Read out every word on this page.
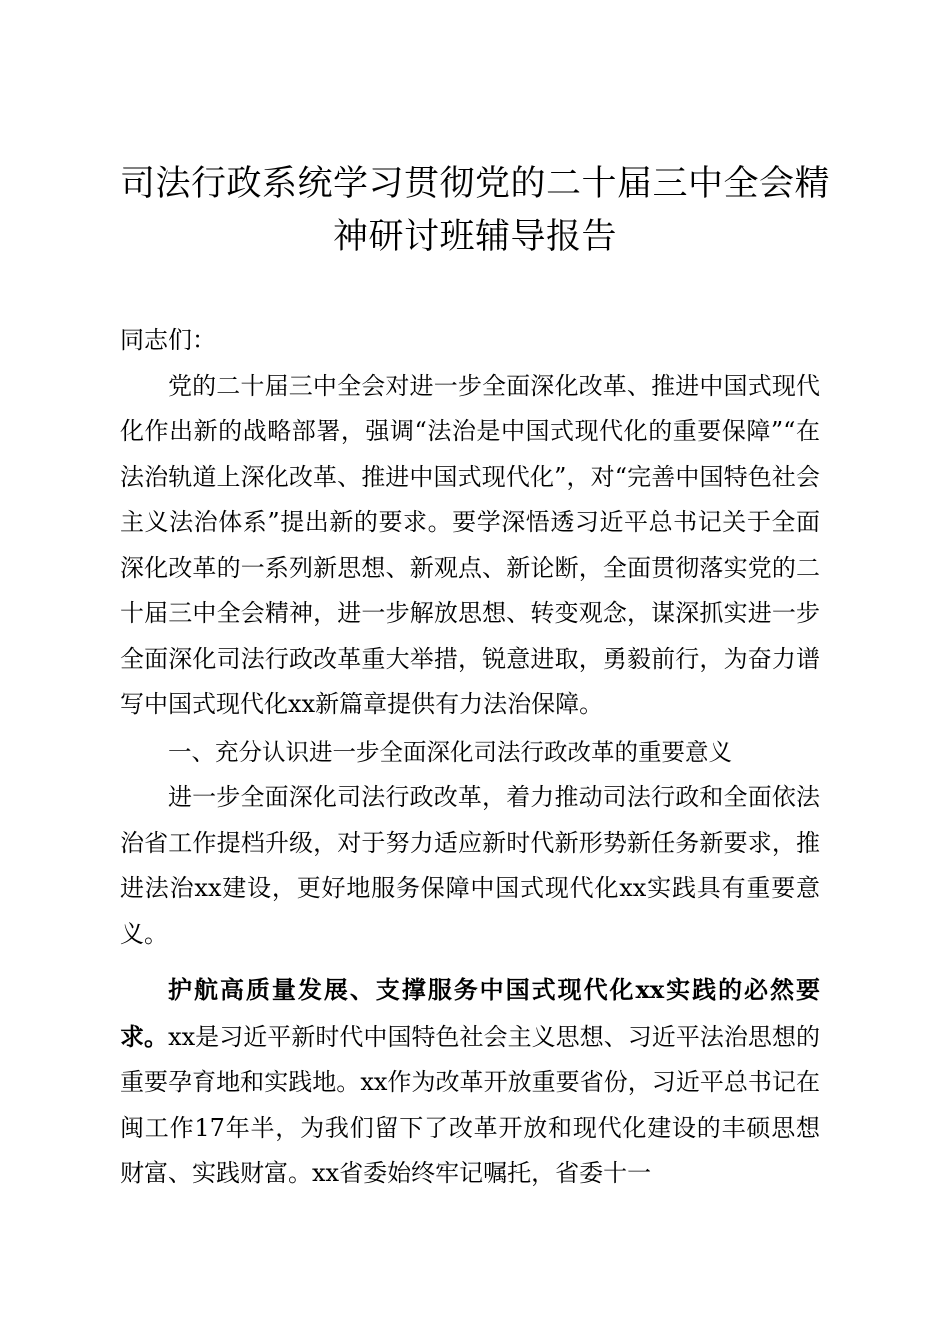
司法行政系统学习贯彻党的二十届三中全会精
神研讨班辅导报告

同志们：

党的二十届三中全会对进一步全面深化改革、推进中国式现代化作出新的战略部署，强调“法治是中国式现代化的重要保障”“在法治轨道上深化改革、推进中国式现代化”，对“完善中国特色社会主义法治体系”提出新的要求。要学深悟透习近平总书记关于全面深化改革的一系列新思想、新观点、新论断，全面贯彻落实党的二十届三中全会精神，进一步解放思想、转变观念，谋深抓实进一步全面深化司法行政改革重大举措，锐意进取，勇毅前行，为奋力谱写中国式现代化xx新篇章提供有力法治保障。

一、充分认识进一步全面深化司法行政改革的重要意义

进一步全面深化司法行政改革，着力推动司法行政和全面依法治省工作提档升级，对于努力适应新时代新形势新任务新要求，推进法治xx建设，更好地服务保障中国式现代化xx实践具有重要意义。

护航高质量发展、支撑服务中国式现代化xx实践的必然要求。xx是习近平新时代中国特色社会主义思想、习近平法治思想的重要孕育地和实践地。xx作为改革开放重要省份，习近平总书记在闽工作17年半，为我们留下了改革开放和现代化建设的丰硕思想财富、实践财富。xx省委始终牢记嘱托，省委十一
